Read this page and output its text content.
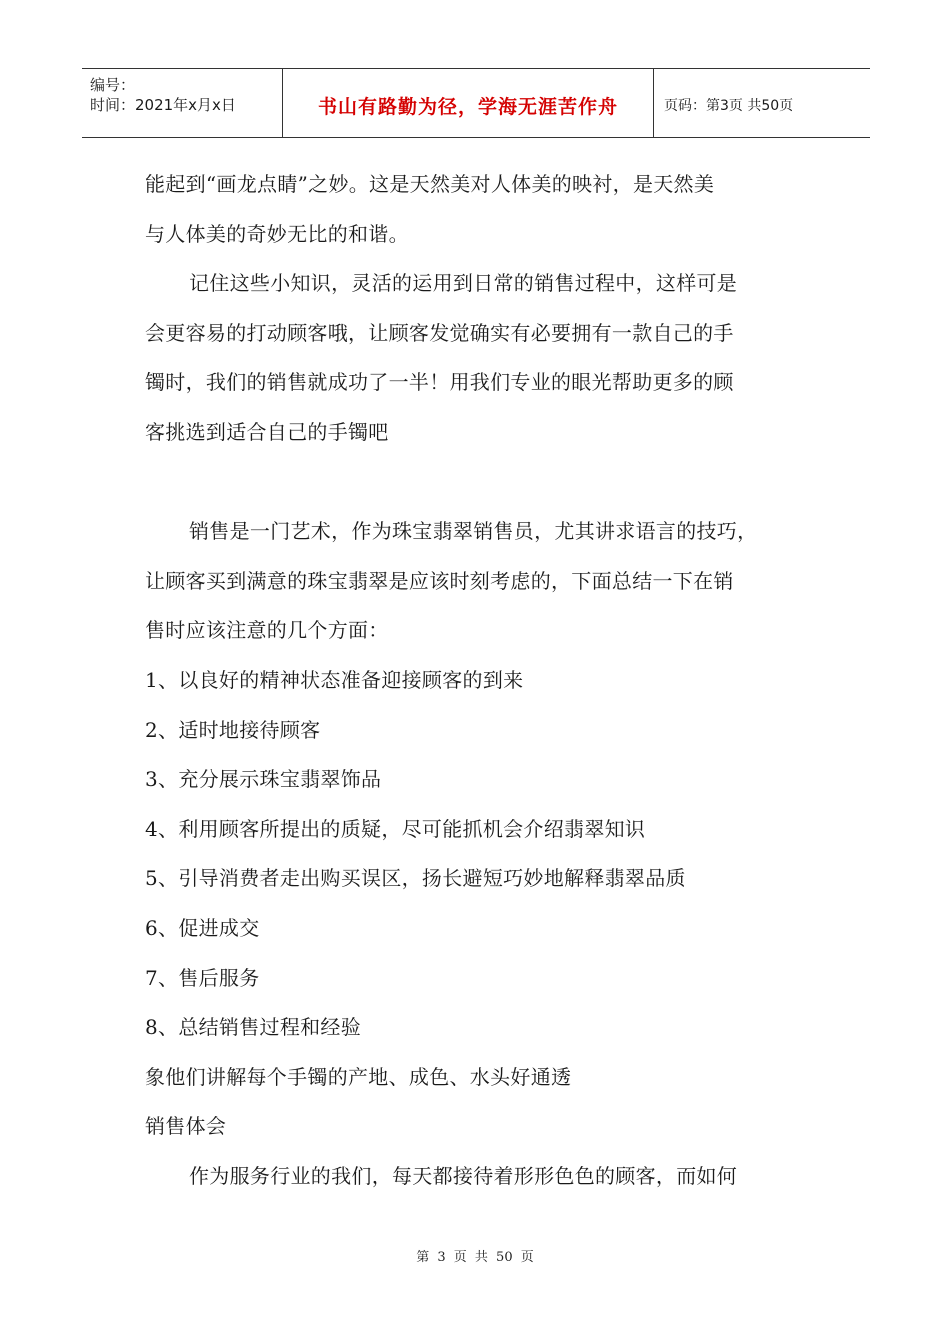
编号：
时间：2021年x月x日	书山有路勤为径，学海无涯苦作舟	页码：第3页 共50页
能起到“画龙点睛”之妙。这是天然美对人体美的映衬，是天然美
与人体美的奇妙无比的和谐。
记住这些小知识，灵活的运用到日常的销售过程中，这样可是
会更容易的打动顾客哦，让顾客发觉确实有必要拥有一款自己的手
镯时，我们的销售就成功了一半！用我们专业的眼光帮助更多的顾
客挑选到适合自己的手镯吧
销售是一门艺术，作为珠宝翡翠销售员，尤其讲求语言的技巧，
让顾客买到满意的珠宝翡翠是应该时刻考虑的，下面总结一下在销
售时应该注意的几个方面：
1、以良好的精神状态准备迎接顾客的到来
2、适时地接待顾客
3、充分展示珠宝翡翠饰品
4、利用顾客所提出的质疑，尽可能抓机会介绍翡翠知识
5、引导消费者走出购买误区，扬长避短巧妙地解释翡翠品质
6、促进成交
7、售后服务
8、总结销售过程和经验
象他们讲解每个手镯的产地、成色、水头好通透
销售体会
作为服务行业的我们，每天都接待着形形色色的顾客，而如何
第 3 页 共 50 页
